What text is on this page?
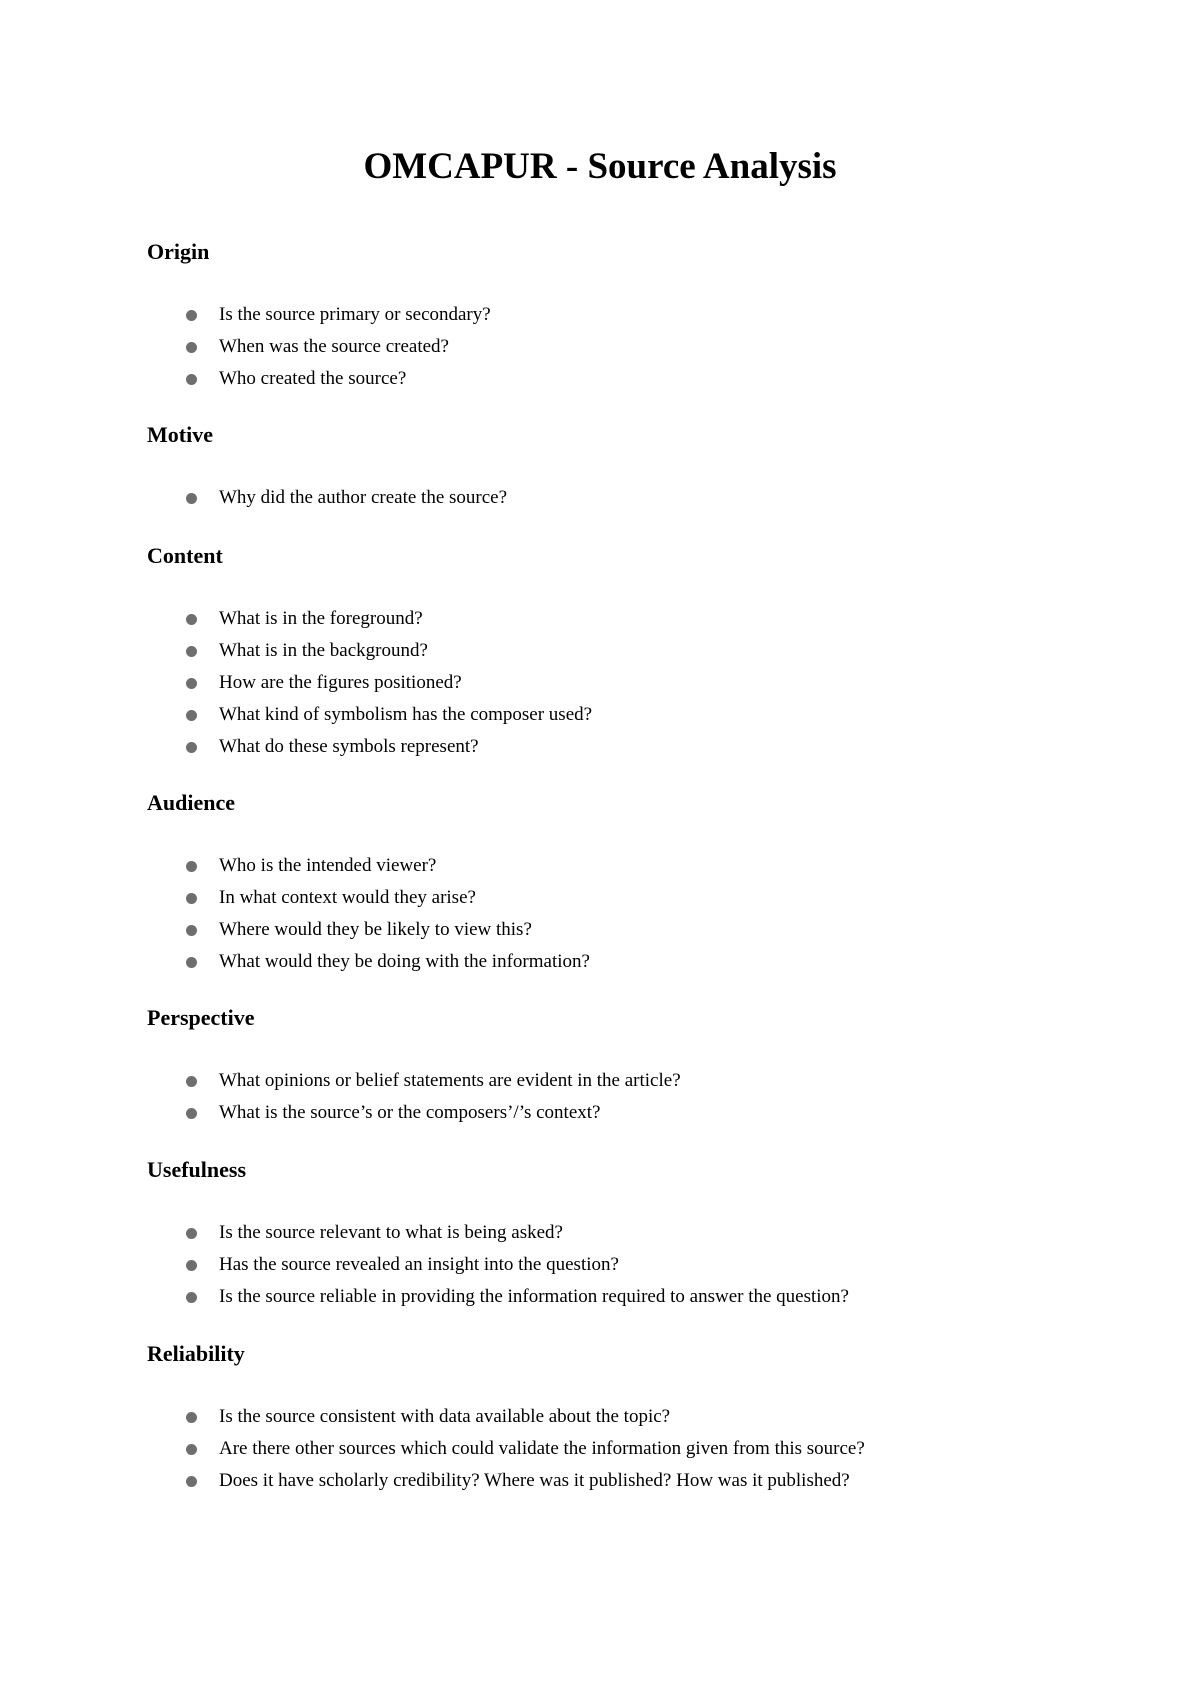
OMCAPUR - Source Analysis
Origin
Is the source primary or secondary?
When was the source created?
Who created the source?
Motive
Why did the author create the source?
Content
What is in the foreground?
What is in the background?
How are the figures positioned?
What kind of symbolism has the composer used?
What do these symbols represent?
Audience
Who is the intended viewer?
In what context would they arise?
Where would they be likely to view this?
What would they be doing with the information?
Perspective
What opinions or belief statements are evident in the article?
What is the source’s or the composers’/’s context?
Usefulness
Is the source relevant to what is being asked?
Has the source revealed an insight into the question?
Is the source reliable in providing the information required to answer the question?
Reliability
Is the source consistent with data available about the topic?
Are there other sources which could validate the information given from this source?
Does it have scholarly credibility? Where was it published? How was it published?
